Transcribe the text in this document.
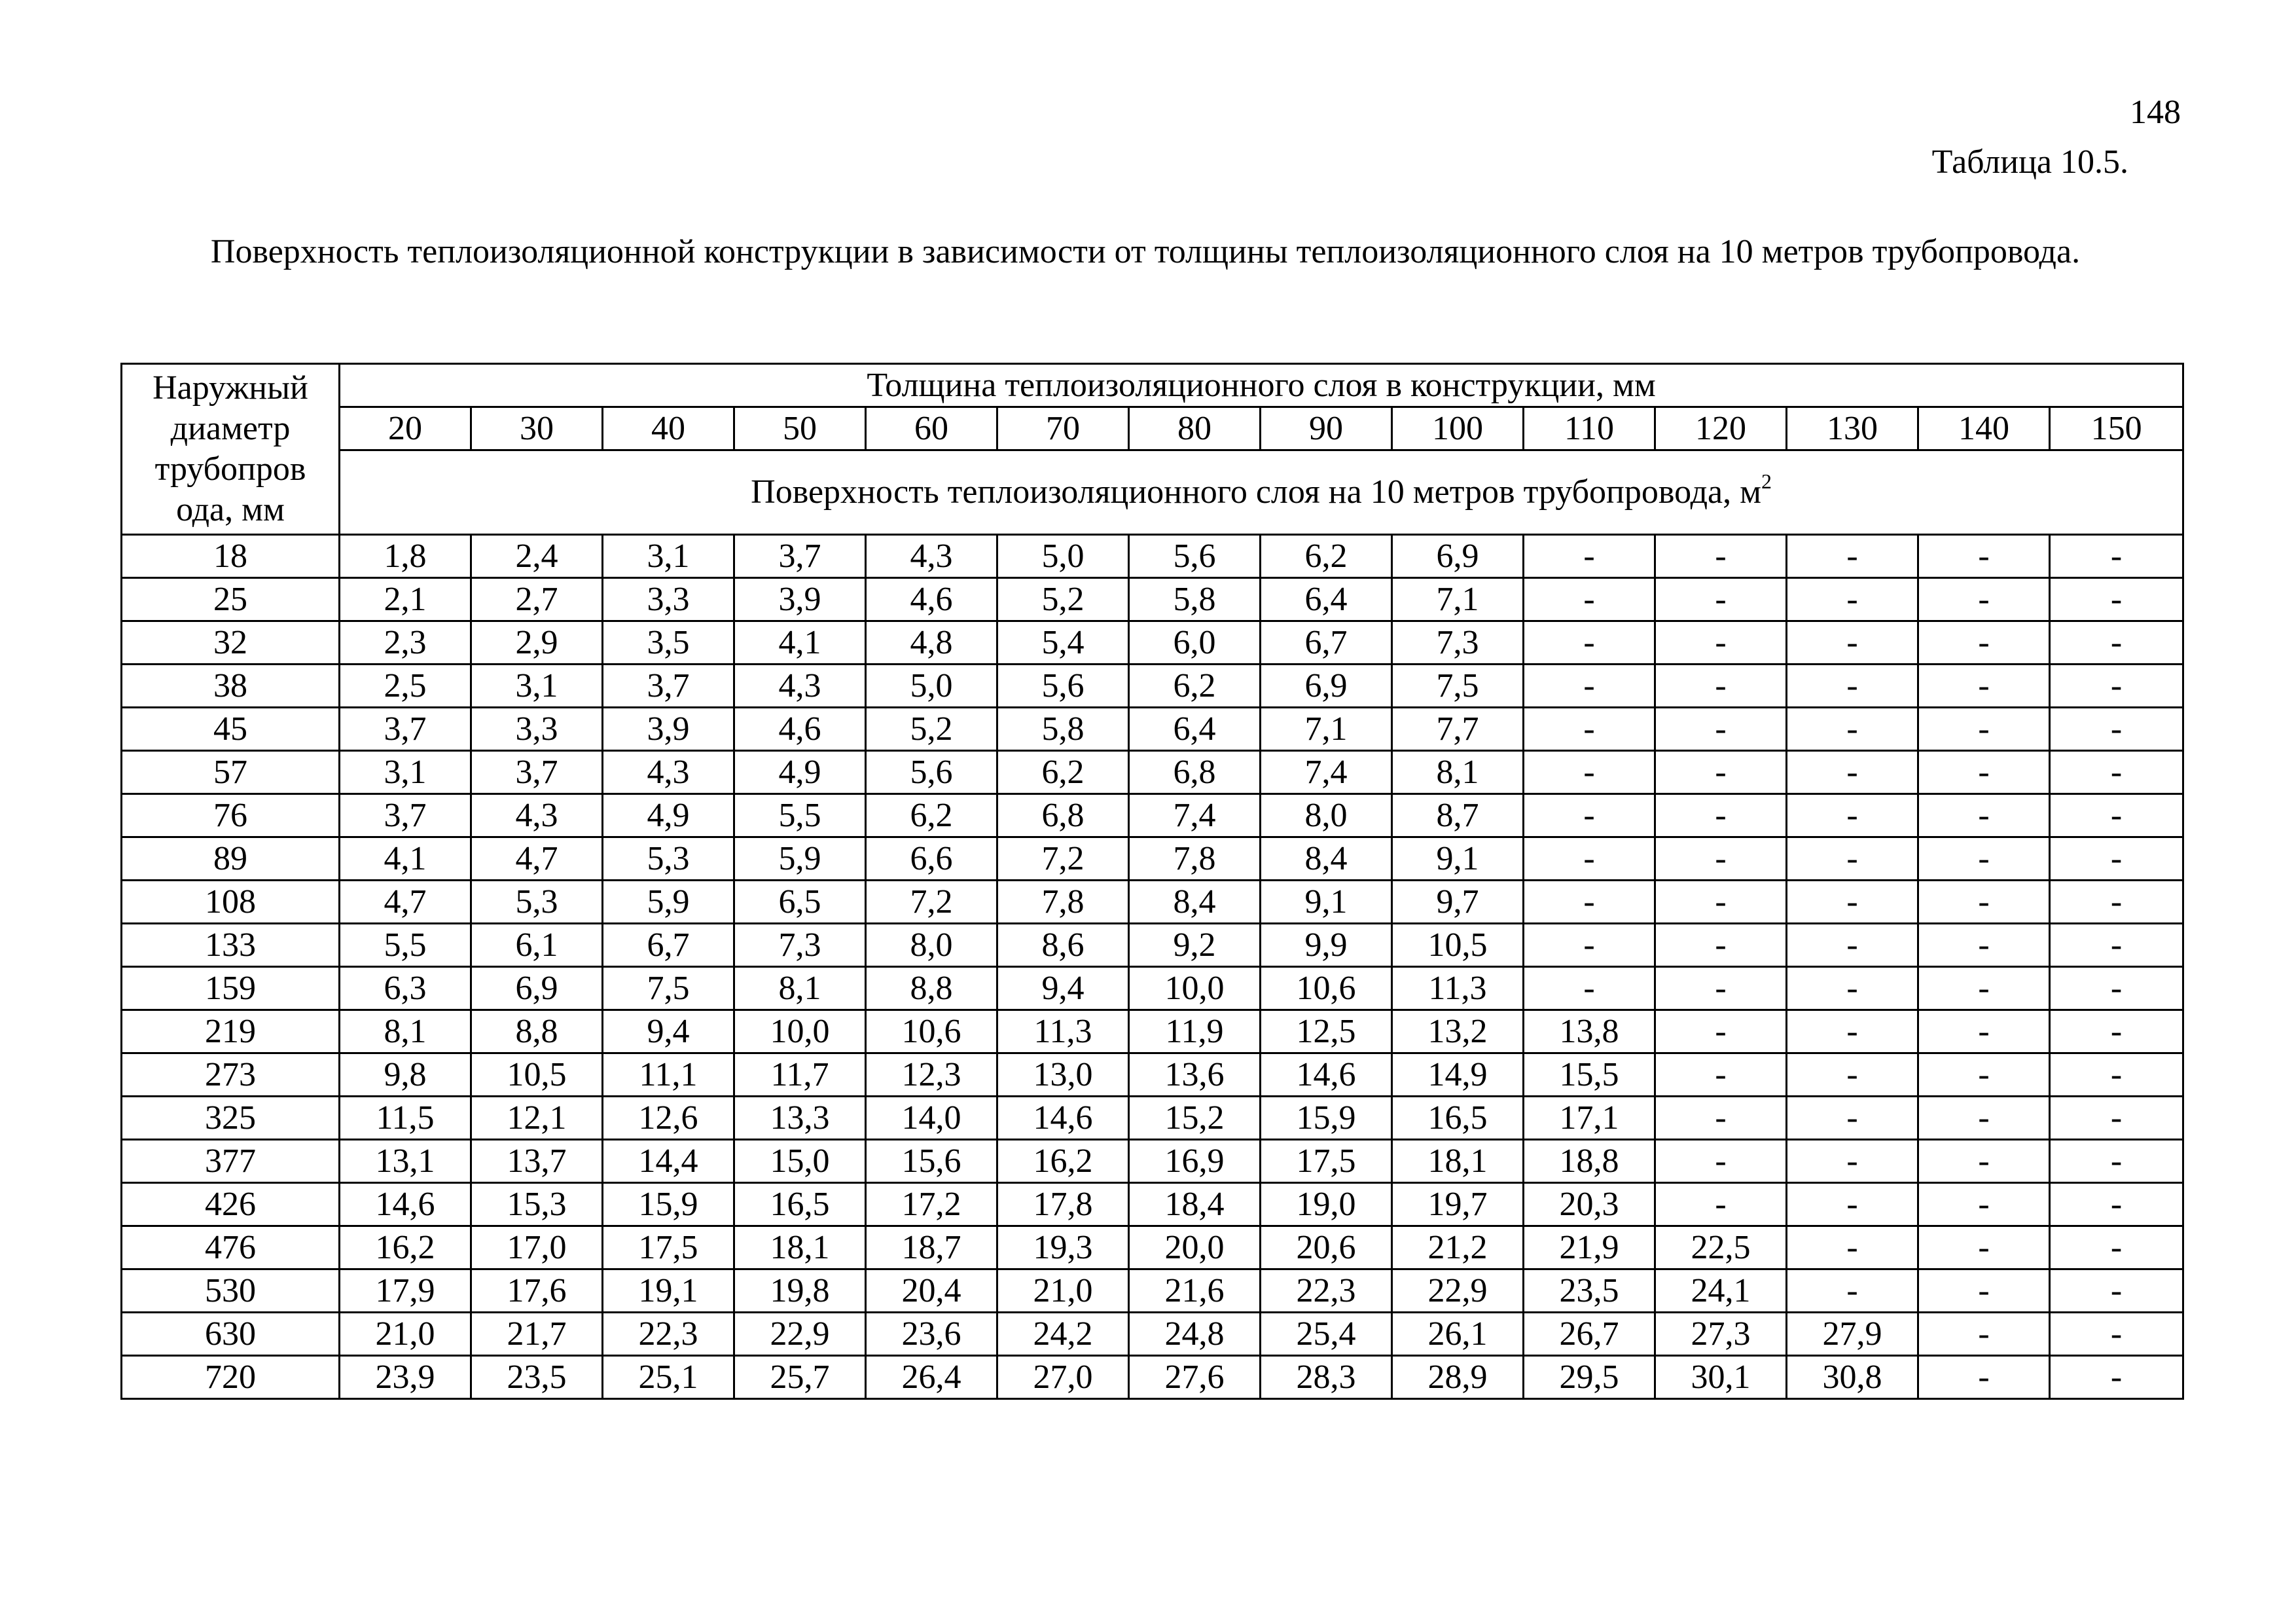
148
Таблица 10.5.
Поверхность теплоизоляционной конструкции в зависимости от толщины теплоизоляционного слоя на 10 метров трубопровода.
Наружный диаметр трубопров ода, мм	Толщина теплоизоляционного слоя в конструкции, мм													
	20	30	40	50	60	70	80	90	100	110	120	130	140	150
	Поверхность теплоизоляционного слоя на 10 метров трубопровода, $м^2$
18	1,8	2,4	3,1	3,7	4,3	5,0	5,6	6,2	6,9	-	-	-	-	-
25	2,1	2,7	3,3	3,9	4,6	5,2	5,8	6,4	7,1	-	-	-	-	-
32	2,3	2,9	3,5	4,1	4,8	5,4	6,0	6,7	7,3	-	-	-	-	-
38	2,5	3,1	3,7	4,3	5,0	5,6	6,2	6,9	7,5	-	-	-	-	-
45	3,7	3,3	3,9	4,6	5,2	5,8	6,4	7,1	7,7	-	-	-	-	-
57	3,1	3,7	4,3	4,9	5,6	6,2	6,8	7,4	8,1	-	-	-	-	-
76	3,7	4,3	4,9	5,5	6,2	6,8	7,4	8,0	8,7	-	-	-	-	-
89	4,1	4,7	5,3	5,9	6,6	7,2	7,8	8,4	9,1	-	-	-	-	-
108	4,7	5,3	5,9	6,5	7,2	7,8	8,4	9,1	9,7	-	-	-	-	-
133	5,5	6,1	6,7	7,3	8,0	8,6	9,2	9,9	10,5	-	-	-	-	-
159	6,3	6,9	7,5	8,1	8,8	9,4	10,0	10,6	11,3	-	-	-	-	-
219	8,1	8,8	9,4	10,0	10,6	11,3	11,9	12,5	13,2	13,8	-	-	-	-
273	9,8	10,5	11,1	11,7	12,3	13,0	13,6	14,6	14,9	15,5	-	-	-	-
325	11,5	12,1	12,6	13,3	14,0	14,6	15,2	15,9	16,5	17,1	-	-	-	-
377	13,1	13,7	14,4	15,0	15,6	16,2	16,9	17,5	18,1	18,8	-	-	-	-
426	14,6	15,3	15,9	16,5	17,2	17,8	18,4	19,0	19,7	20,3	-	-	-	-
476	16,2	17,0	17,5	18,1	18,7	19,3	20,0	20,6	21,2	21,9	22,5	-	-	-
530	17,9	17,6	19,1	19,8	20,4	21,0	21,6	22,3	22,9	23,5	24,1	-	-	-
630	21,0	21,7	22,3	22,9	23,6	24,2	24,8	25,4	26,1	26,7	27,3	27,9	-	-
720	23,9	23,5	25,1	25,7	26,4	27,0	27,6	28,3	28,9	29,5	30,1	30,8	-	-
